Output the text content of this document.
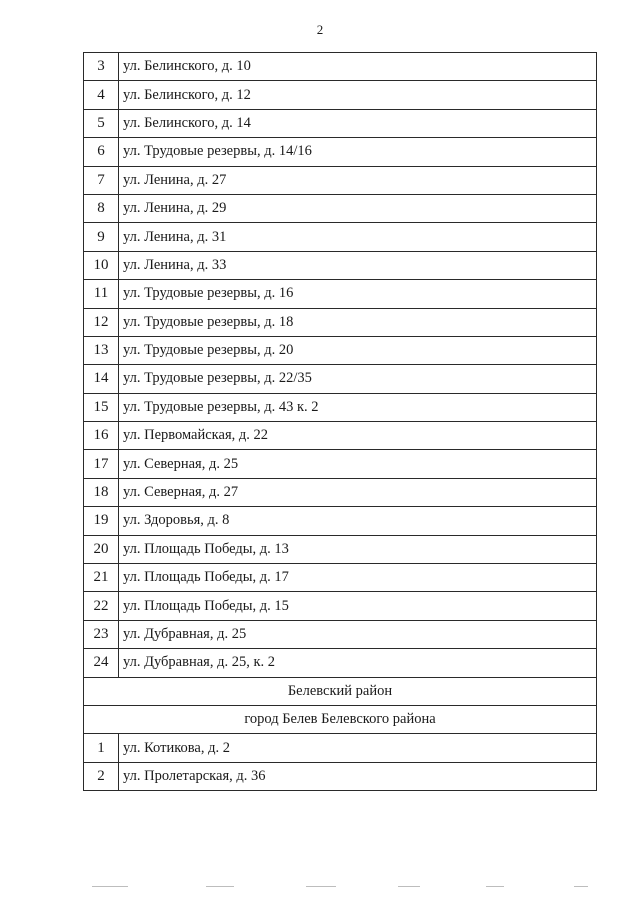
2
3	ул. Белинского, д. 10
4	ул. Белинского, д. 12
5	ул. Белинского, д. 14
6	ул. Трудовые резервы, д. 14/16
7	ул. Ленина, д. 27
8	ул. Ленина, д. 29
9	ул. Ленина, д. 31
10	ул. Ленина, д. 33
11	ул. Трудовые резервы, д. 16
12	ул. Трудовые резервы, д. 18
13	ул. Трудовые резервы, д. 20
14	ул. Трудовые резервы, д. 22/35
15	ул. Трудовые резервы, д. 43 к. 2
16	ул. Первомайская, д. 22
17	ул. Северная, д. 25
18	ул. Северная, д. 27
19	ул. Здоровья, д. 8
20	ул. Площадь Победы, д. 13
21	ул. Площадь Победы, д. 17
22	ул. Площадь Победы, д. 15
23	ул. Дубравная, д. 25
24	ул. Дубравная, д. 25, к. 2
Белевский район	
город Белев Белевского района	
1	ул. Котикова, д. 2
2	ул. Пролетарская, д. 36
